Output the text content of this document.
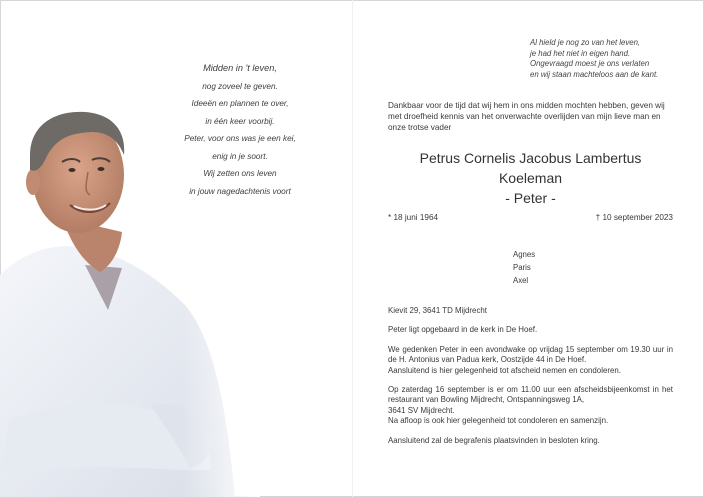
Midden in 't leven,
nog zoveel te geven.
Ideeën en plannen te over,
in één keer voorbij.
Peter, voor ons was je een kei,
enig in je soort.
Wij zetten ons leven
in jouw nagedachtenis voort
Al hield je nog zo van het leven,
je had het niet in eigen hand.
Ongevraagd moest je ons verlaten
en wij staan machteloos aan de kant.
Dankbaar voor de tijd dat wij hem in ons midden mochten hebben, geven wij met droefheid kennis van het onverwachte overlijden van mijn lieve man en onze trotse vader
Petrus Cornelis Jacobus Lambertus
Koeleman
- Peter -
* 18 juni 1964	† 10 september 2023
Agnes
Paris
Axel

Kievit 29, 3641 TD Mijdrecht

Peter ligt opgebaard in de kerk in De Hoef.

We gedenken Peter in een avondwake op vrijdag 15 september om 19.30 uur in de H. Antonius van Padua kerk, Oostzijde 44 in De Hoef.
Aansluitend is hier gelegenheid tot afscheid nemen en condoleren.

Op zaterdag 16 september is er om 11.00 uur een afscheidsbijeenkomst in het restaurant van Bowling Mijdrecht, Ontspanningsweg 1A,
3641 SV Mijdrecht.
Na afloop is ook hier gelegenheid tot condoleren en samenzijn.

Aansluitend zal de begrafenis plaatsvinden in besloten kring.
